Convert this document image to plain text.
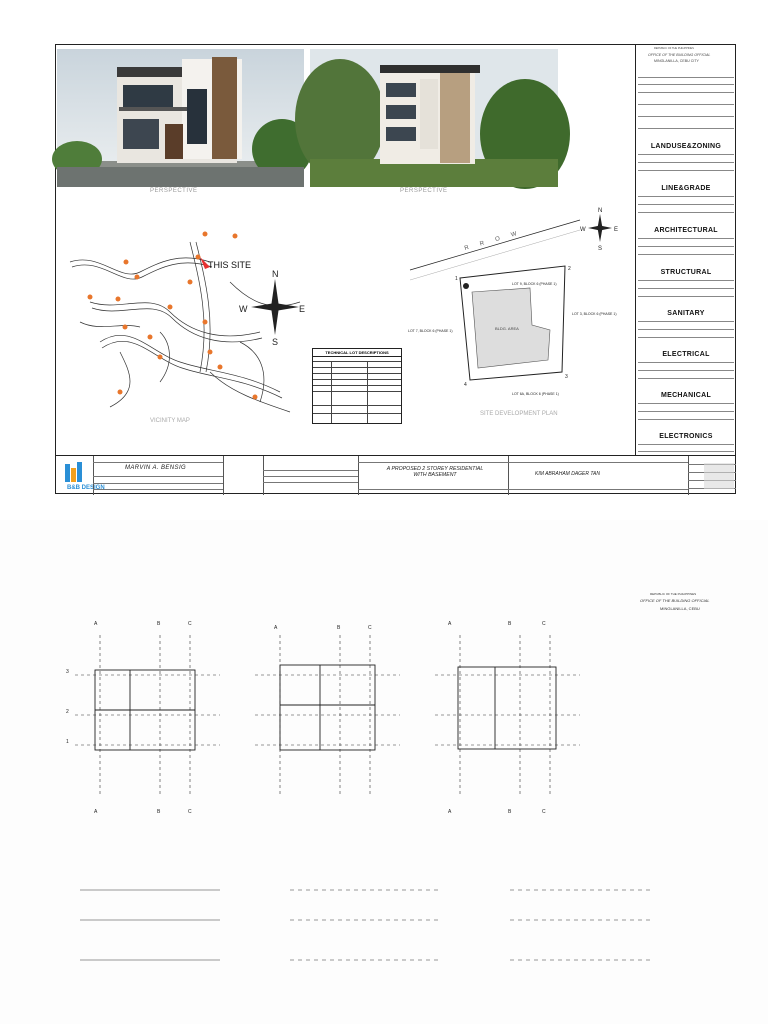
PERSPECTIVE	PERSPECTIVE
THIS SITE
N
S
E
W
VICINITY MAP
TECHNICAL LOT DESCRIPTIONS
R R O W
BLDG. AREA
LOT 9, BLOCK 6 (PHASE 1)
LOT 3, BLOCK 6 (PHASE 1)
LOT 7, BLOCK 6 (PHASE 1)
LOT 6A, BLOCK 6 (PHASE 1)
1
2
3
4
N
E
W
S
SITE DEVELOPMENT PLAN
REPUBLIC OF THE PHILIPPINES
OFFICE OF THE BUILDING OFFICIAL
MINGLANILLA, CEBU CITY
LANDUSE&ZONING
LINE&GRADE
ARCHITECTURAL
STRUCTURAL
SANITARY
ELECTRICAL
MECHANICAL
ELECTRONICS
B&B DESIGN
MARVIN A. BENSIG	A PROPOSED 2 STOREY RESIDENTIAL WITH BASEMENT	KIM ABRAHAM DAGER TAN
REPUBLIC OF THE PHILIPPINES
OFFICE OF THE BUILDING OFFICIAL
MINGLANILLA, CEBU
A	B	C
3
2
1
A	B	C
A	B	C
A	B	C
A	B	C
